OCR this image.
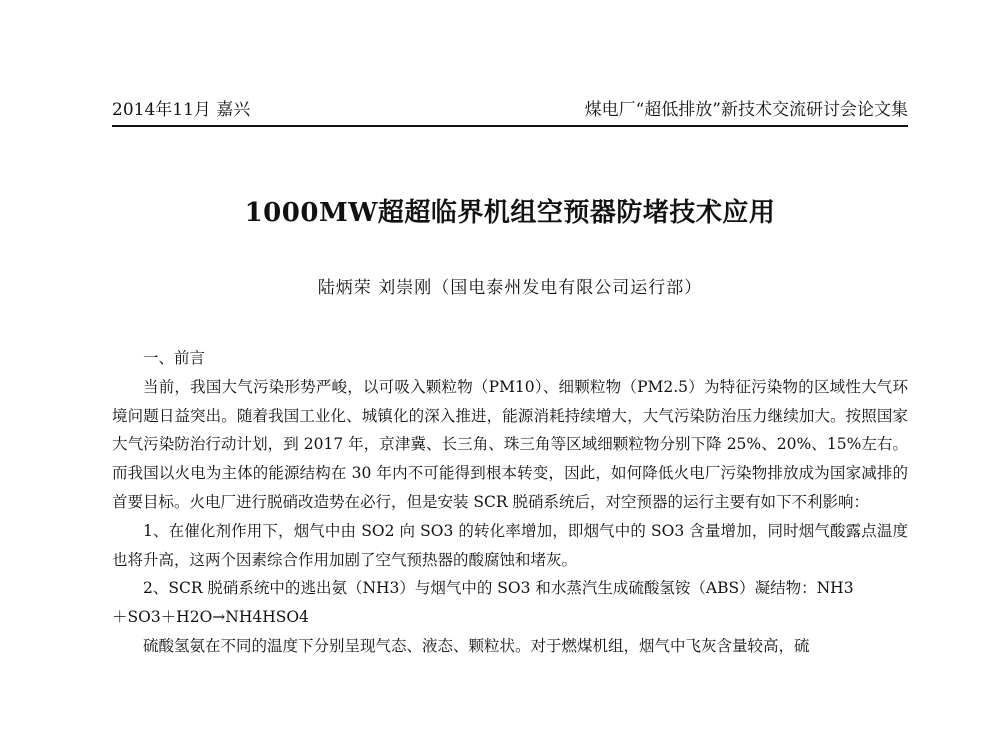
2014年11月 嘉兴	煤电厂“超低排放”新技术交流研讨会论文集
1000MW超超临界机组空预器防堵技术应用
陆炳荣 刘崇刚（国电泰州发电有限公司运行部）

一、前言

当前，我国大气污染形势严峻，以可吸入颗粒物（PM10）、细颗粒物（PM2.5）为特征污染物的区域性大气环境问题日益突出。随着我国工业化、城镇化的深入推进，能源消耗持续增大，大气污染防治压力继续加大。按照国家大气污染防治行动计划，到 2017 年，京津冀、长三角、珠三角等区域细颗粒物分别下降 25%、20%、15%左右。而我国以火电为主体的能源结构在 30 年内不可能得到根本转变，因此，如何降低火电厂污染物排放成为国家减排的首要目标。火电厂进行脱硝改造势在必行，但是安装 SCR 脱硝系统后，对空预器的运行主要有如下不利影响：

1、在催化剂作用下，烟气中由 SO2 向 SO3 的转化率增加，即烟气中的 SO3 含量增加，同时烟气酸露点温度也将升高，这两个因素综合作用加剧了空气预热器的酸腐蚀和堵灰。

2、SCR 脱硝系统中的逃出氨（NH3）与烟气中的 SO3 和水蒸汽生成硫酸氢铵（ABS）凝结物：NH3

＋SO3＋H2O→NH4HSO4

硫酸氢氨在不同的温度下分别呈现气态、液态、颗粒状。对于燃煤机组，烟气中飞灰含量较高，硫
